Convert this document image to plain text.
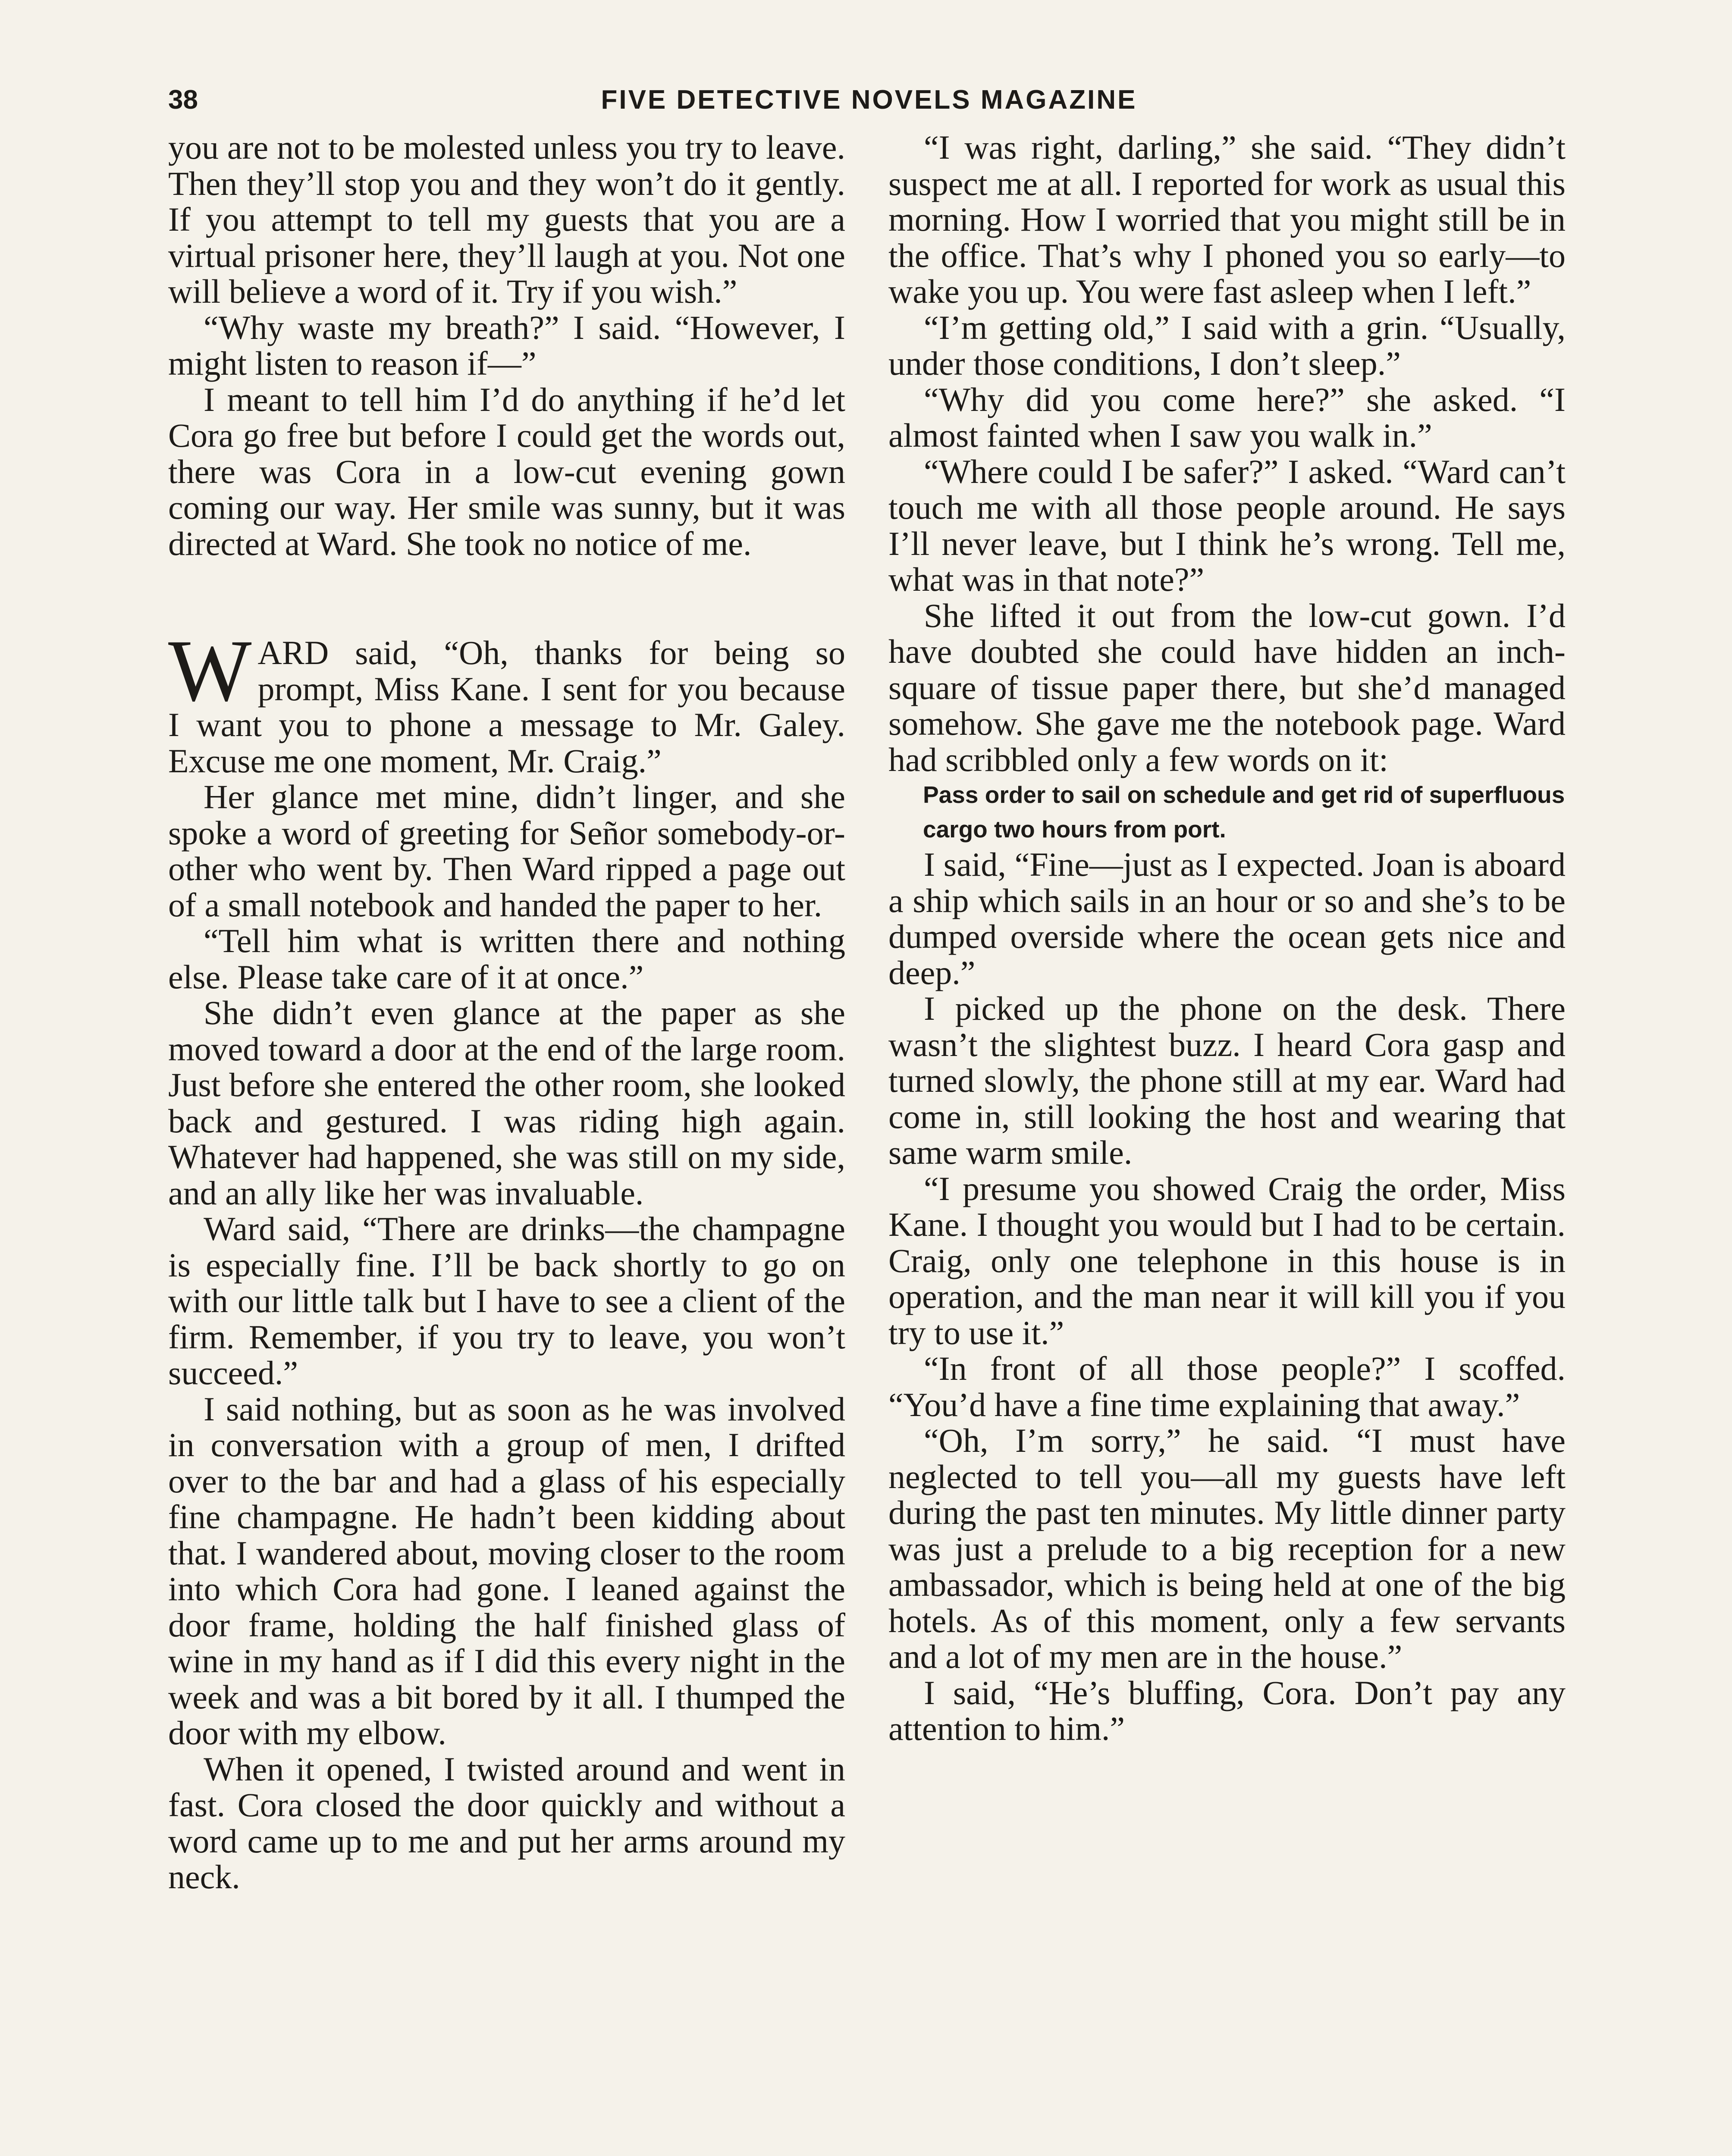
38	FIVE DETECTIVE NOVELS MAGAZINE

you are not to be molested unless you try to leave. Then they’ll stop you and they won’t do it gently. If you attempt to tell my guests that you are a virtual prisoner here, they’ll laugh at you. Not one will believe a word of it. Try if you wish.”

“Why waste my breath?” I said. “However, I might listen to reason if—”

I meant to tell him I’d do anything if he’d let Cora go free but before I could get the words out, there was Cora in a low-cut evening gown coming our way. Her smile was sunny, but it was directed at Ward. She took no notice of me.

WARD said, “Oh, thanks for being so prompt, Miss Kane. I sent for you because I want you to phone a message to Mr. Galey. Excuse me one moment, Mr. Craig.”

Her glance met mine, didn’t linger, and she spoke a word of greeting for Señor somebody-or-other who went by. Then Ward ripped a page out of a small notebook and handed the paper to her.

“Tell him what is written there and nothing else. Please take care of it at once.”

She didn’t even glance at the paper as she moved toward a door at the end of the large room. Just before she entered the other room, she looked back and gestured. I was riding high again. Whatever had happened, she was still on my side, and an ally like her was invaluable.

Ward said, “There are drinks—the champagne is especially fine. I’ll be back shortly to go on with our little talk but I have to see a client of the firm. Remember, if you try to leave, you won’t succeed.”

I said nothing, but as soon as he was involved in conversation with a group of men, I drifted over to the bar and had a glass of his especially fine champagne. He hadn’t been kidding about that. I wandered about, moving closer to the room into which Cora had gone. I leaned against the door frame, holding the half finished glass of wine in my hand as if I did this every night in the week and was a bit bored by it all. I thumped the door with my elbow.

When it opened, I twisted around and went in fast. Cora closed the door quickly and without a word came up to me and put her arms around my neck.

“I was right, darling,” she said. “They didn’t suspect me at all. I reported for work as usual this morning. How I worried that you might still be in the office. That’s why I phoned you so early—to wake you up. You were fast asleep when I left.”

“I’m getting old,” I said with a grin. “Usually, under those conditions, I don’t sleep.”

“Why did you come here?” she asked. “I almost fainted when I saw you walk in.”

“Where could I be safer?” I asked. “Ward can’t touch me with all those people around. He says I’ll never leave, but I think he’s wrong. Tell me, what was in that note?”

She lifted it out from the low-cut gown. I’d have doubted she could have hidden an inch-square of tissue paper there, but she’d managed somehow. She gave me the notebook page. Ward had scribbled only a few words on it:

Pass order to sail on schedule and get rid of superfluous cargo two hours from port.

I said, “Fine—just as I expected. Joan is aboard a ship which sails in an hour or so and she’s to be dumped overside where the ocean gets nice and deep.”

I picked up the phone on the desk. There wasn’t the slightest buzz. I heard Cora gasp and turned slowly, the phone still at my ear. Ward had come in, still looking the host and wearing that same warm smile.

“I presume you showed Craig the order, Miss Kane. I thought you would but I had to be certain. Craig, only one telephone in this house is in operation, and the man near it will kill you if you try to use it.”

“In front of all those people?” I scoffed. “You’d have a fine time explaining that away.”

“Oh, I’m sorry,” he said. “I must have neglected to tell you—all my guests have left during the past ten minutes. My little dinner party was just a prelude to a big reception for a new ambassador, which is being held at one of the big hotels. As of this moment, only a few servants and a lot of my men are in the house.”

I said, “He’s bluffing, Cora. Don’t pay any attention to him.”
